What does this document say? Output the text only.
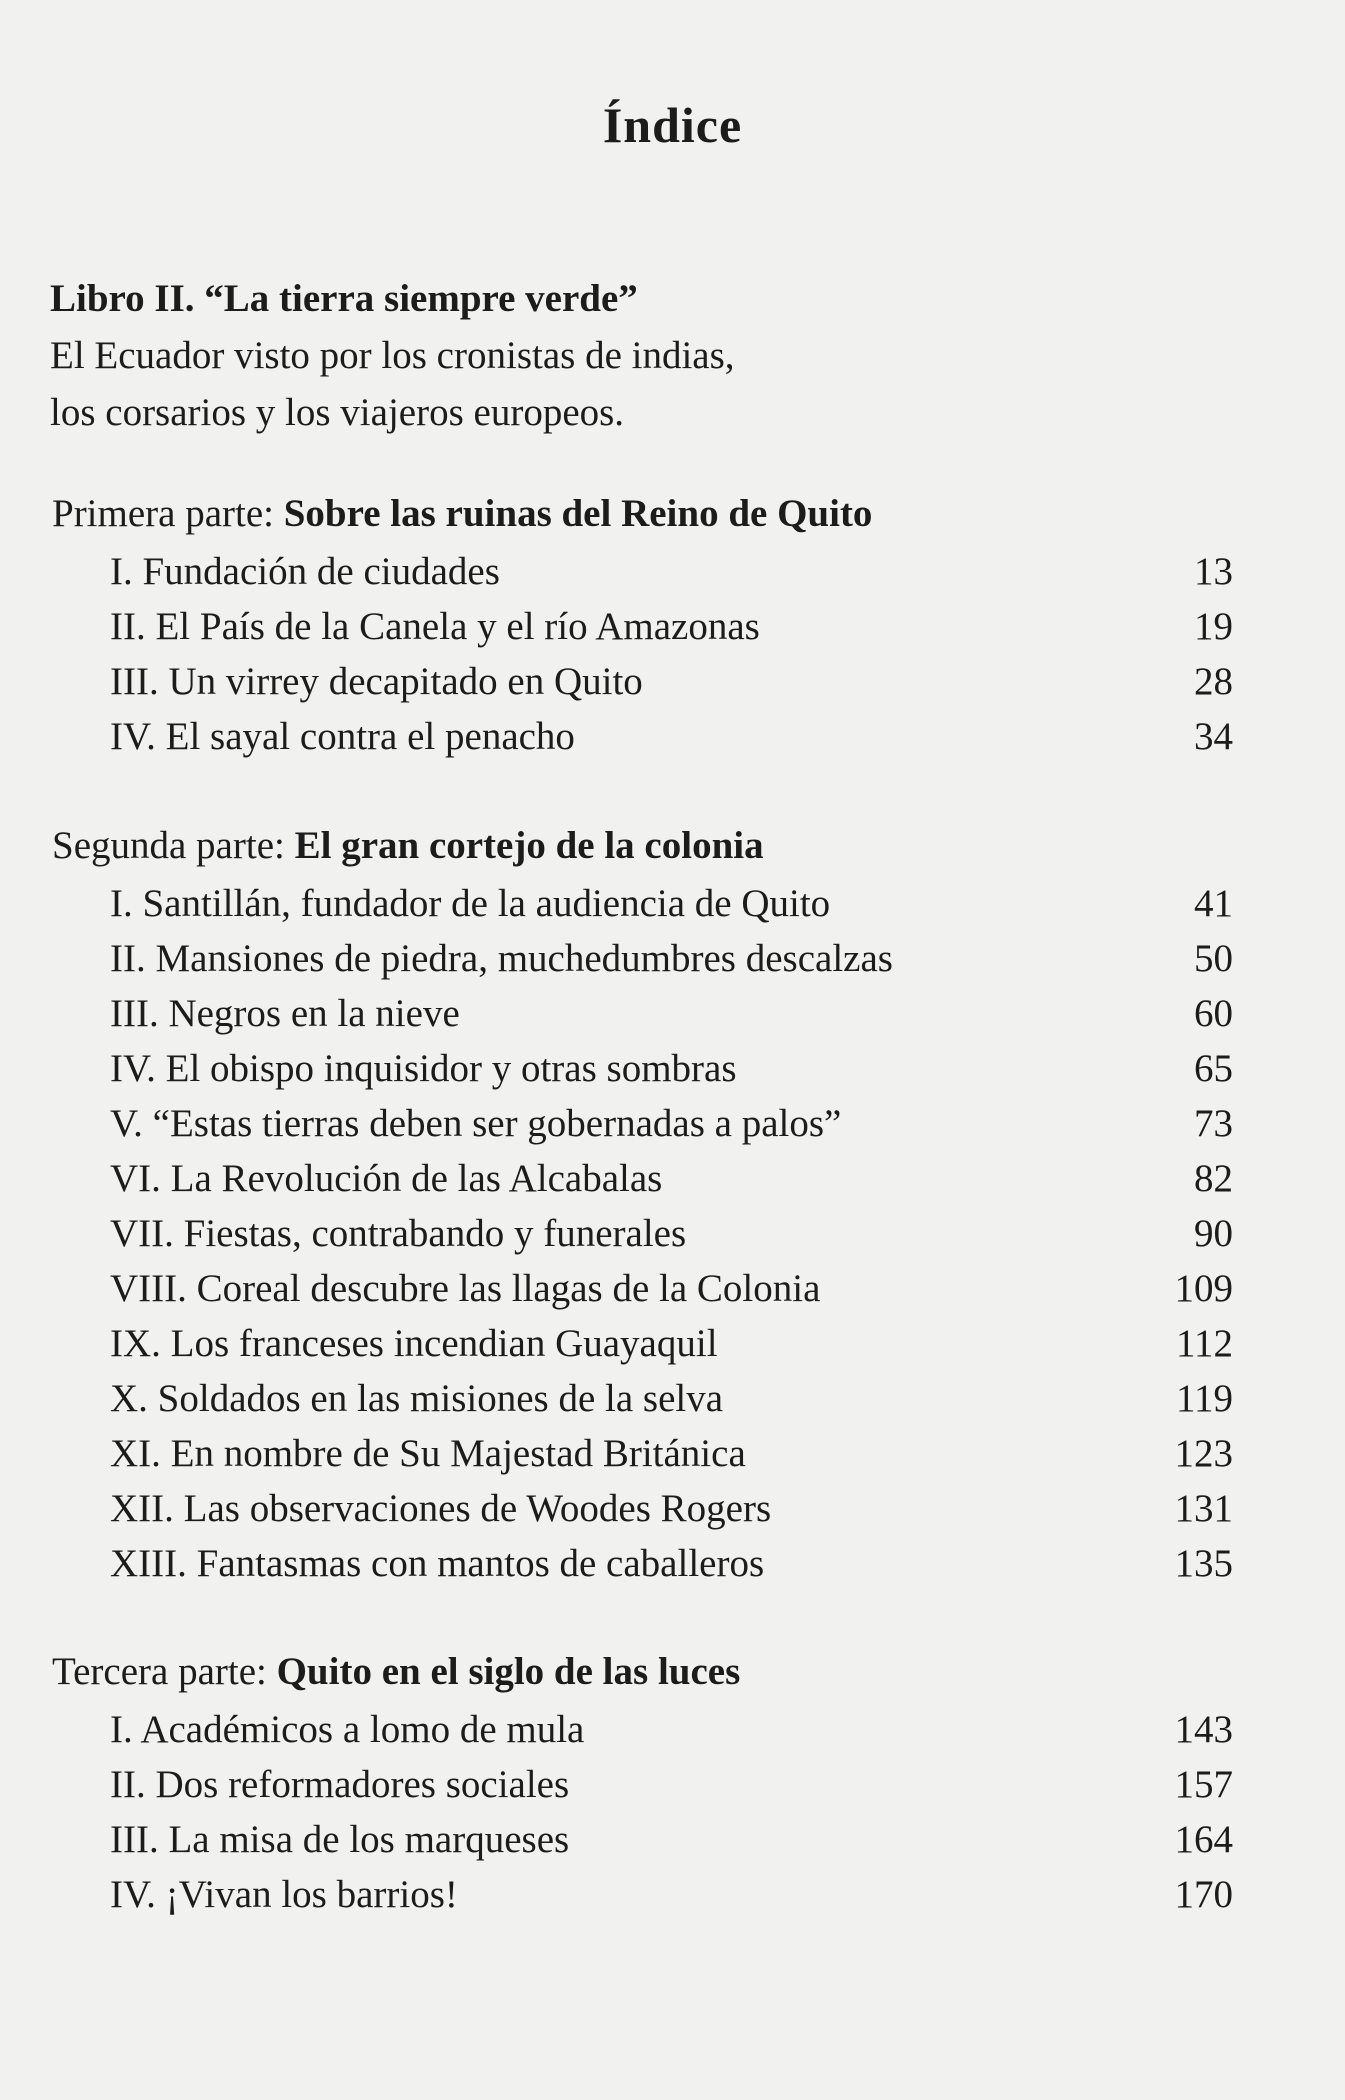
Índice
Libro II. “La tierra siempre verde”
El Ecuador visto por los cronistas de indias,
los corsarios y los viajeros europeos.
Primera parte: Sobre las ruinas del Reino de Quito
I. Fundación de ciudades	13
II. El País de la Canela y el río Amazonas	19
III. Un virrey decapitado en Quito	28
IV. El sayal contra el penacho	34
Segunda parte: El gran cortejo de la colonia
I. Santillán, fundador de la audiencia de Quito	41
II. Mansiones de piedra, muchedumbres descalzas	50
III. Negros en la nieve	60
IV. El obispo inquisidor y otras sombras	65
V. “Estas tierras deben ser gobernadas a palos”	73
VI. La Revolución de las Alcabalas	82
VII. Fiestas, contrabando y funerales	90
VIII. Coreal descubre las llagas de la Colonia	109
IX. Los franceses incendian Guayaquil	112
X. Soldados en las misiones de la selva	119
XI. En nombre de Su Majestad Británica	123
XII. Las observaciones de Woodes Rogers	131
XIII. Fantasmas con mantos de caballeros	135
Tercera parte: Quito en el siglo de las luces
I. Académicos a lomo de mula	143
II. Dos reformadores sociales	157
III. La misa de los marqueses	164
IV. ¡Vivan los barrios!	170
